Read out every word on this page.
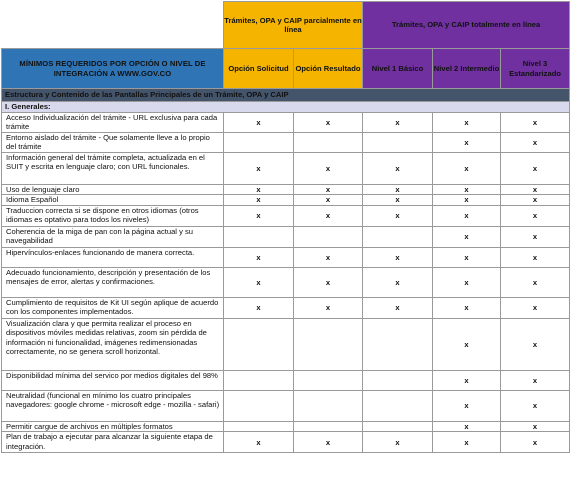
	Trámites, OPA y CAIP parcialmente en línea		Trámites, OPA y CAIP totalmente en línea		
MÍNIMOS REQUERIDOS POR OPCIÓN O NIVEL DE INTEGRACIÓN A WWW.GOV.CO	Opción Solicitud	Opción Resultado	Nivel 1 Básico	Nivel 2 Intermedio	Nivel 3 Estandarizado
Estructura y Contenido de las Pantallas Principales de un Trámite, OPA y CAIP					
I. Generales:					
Acceso Individualización del trámite - URL exclusiva para cada trámite	x	x	x	x	x
Entorno aislado del trámite - Que solamente lleve a lo propio del trámite				x	x
Información general del trámite completa, actualizada en el SUIT y escrita en lenguaje claro; con URL funcionales.	x	x	x	x	x
Uso de lenguaje claro	x	x	x	x	x
Idioma Español	x	x	x	x	x
Traduccion correcta si se dispone en otros idiomas (otros idiomas es optativo para todos los niveles)	x	x	x	x	x
Coherencia de la miga de pan con la página actual y su navegabilidad				x	x
Hipervínculos-enlaces funcionando de manera correcta.	x	x	x	x	x
Adecuado funcionamiento, descripción y presentación de los mensajes de error, alertas y confirmaciones.	x	x	x	x	x
Cumplimiento de requisitos de Kit UI según aplique de acuerdo con los componentes implementados.	x	x	x	x	x
Visualización clara y que permita realizar el proceso en dispositivos móviles medidas relativas, zoom sin pérdida de información ni funcionalidad, imágenes redimensionadas correctamente, no se genera scroll horizontal.				x	x
Disponibilidad mínima del servico por medios digitales del 98%				x	x
Neutralidad (funcional en mínimo los cuatro principales navegadores: google chrome - microsoft edge - mozilla - safari)				x	x
Permitir cargue de archivos en múltiples formatos				x	x
Plan de trabajo a ejecutar para alcanzar la siguiente etapa de integración.	x	x	x	x	x
